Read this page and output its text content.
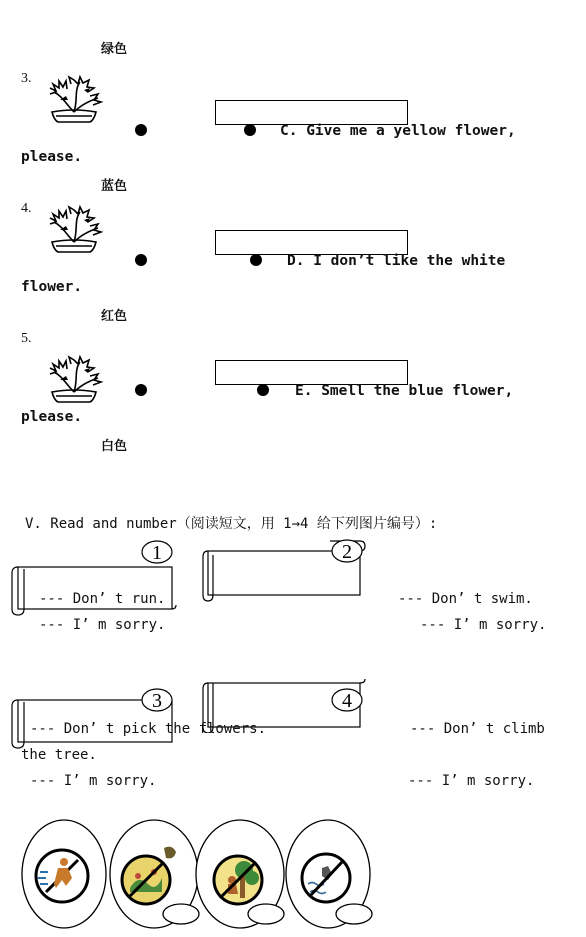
绿色
3.
C. Give me a yellow flower,
please.
蓝色
4.
D. I don’t like the white
flower.
红色
5.
E. Smell the blue flower,
please.
白色
V. Read and number（阅读短文，用 1→4 给下列图片编号）:
1	2
--- Don’ t run.
--- I’ m sorry.
--- Don’ t swim.
--- I’ m sorry.
3	4
--- Don’ t pick the flowers.
--- I’ m sorry.
--- Don’ t climb
the tree.
--- I’ m sorry.
